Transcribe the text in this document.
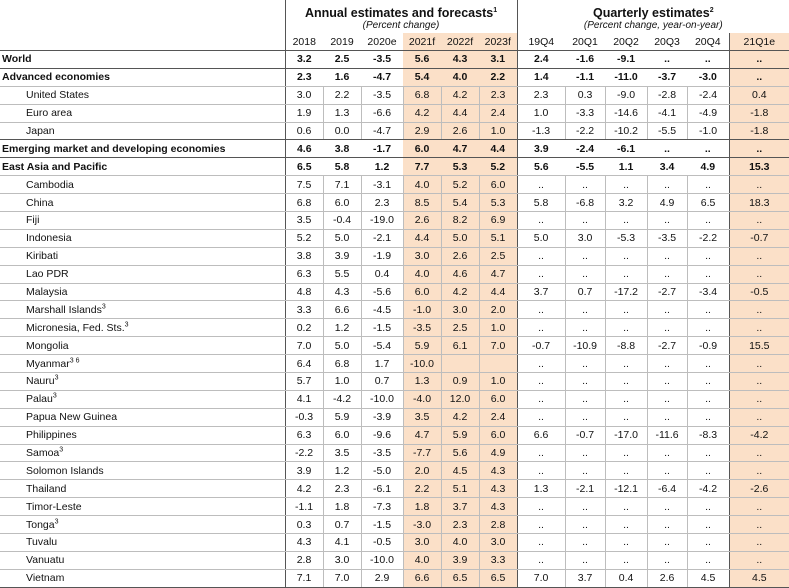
	Annual estimates and forecasts$^1$						Quarterly estimates$^2$
	(Percent change)						(Percent change, year-on-year)					
	2018	2019	2020e	2021f	2022f	2023f	19Q4	20Q1	20Q2	20Q3	20Q4	21Q1e
World	3.2	2.5	-3.5	5.6	4.3	3.1	2.4	-1.6	-9.1	..	..	..
Advanced economies	2.3	1.6	-4.7	5.4	4.0	2.2	1.4	-1.1	-11.0	-3.7	-3.0	..
United States	3.0	2.2	-3.5	6.8	4.2	2.3	2.3	0.3	-9.0	-2.8	-2.4	0.4
Euro area	1.9	1.3	-6.6	4.2	4.4	2.4	1.0	-3.3	-14.6	-4.1	-4.9	-1.8
Japan	0.6	0.0	-4.7	2.9	2.6	1.0	-1.3	-2.2	-10.2	-5.5	-1.0	-1.8
Emerging market and developing economies	4.6	3.8	-1.7	6.0	4.7	4.4	3.9	-2.4	-6.1	..	..	..
East Asia and Pacific	6.5	5.8	1.2	7.7	5.3	5.2	5.6	-5.5	1.1	3.4	4.9	15.3
Cambodia	7.5	7.1	-3.1	4.0	5.2	6.0	..	..	..	..	..	..
China	6.8	6.0	2.3	8.5	5.4	5.3	5.8	-6.8	3.2	4.9	6.5	18.3
Fiji	3.5	-0.4	-19.0	2.6	8.2	6.9	..	..	..	..	..	..
Indonesia	5.2	5.0	-2.1	4.4	5.0	5.1	5.0	3.0	-5.3	-3.5	-2.2	-0.7
Kiribati	3.8	3.9	-1.9	3.0	2.6	2.5	..	..	..	..	..	..
Lao PDR	6.3	5.5	0.4	4.0	4.6	4.7	..	..	..	..	..	..
Malaysia	4.8	4.3	-5.6	6.0	4.2	4.4	3.7	0.7	-17.2	-2.7	-3.4	-0.5
Marshall Islands$^3$	3.3	6.6	-4.5	-1.0	3.0	2.0	..	..	..	..	..	..
Micronesia, Fed. Sts.$^3$	0.2	1.2	-1.5	-3.5	2.5	1.0	..	..	..	..	..	..
Mongolia	7.0	5.0	-5.4	5.9	6.1	7.0	-0.7	-10.9	-8.8	-2.7	-0.9	15.5
Myanmar$^{3 6}$	6.4	6.8	1.7	-10.0			..	..	..	..	..	..
Nauru$^3$	5.7	1.0	0.7	1.3	0.9	1.0	..	..	..	..	..	..
Palau$^3$	4.1	-4.2	-10.0	-4.0	12.0	6.0	..	..	..	..	..	..
Papua New Guinea	-0.3	5.9	-3.9	3.5	4.2	2.4	..	..	..	..	..	..
Philippines	6.3	6.0	-9.6	4.7	5.9	6.0	6.6	-0.7	-17.0	-11.6	-8.3	-4.2
Samoa$^3$	-2.2	3.5	-3.5	-7.7	5.6	4.9	..	..	..	..	..	..
Solomon Islands	3.9	1.2	-5.0	2.0	4.5	4.3	..	..	..	..	..	..
Thailand	4.2	2.3	-6.1	2.2	5.1	4.3	1.3	-2.1	-12.1	-6.4	-4.2	-2.6
Timor-Leste	-1.1	1.8	-7.3	1.8	3.7	4.3	..	..	..	..	..	..
Tonga$^3$	0.3	0.7	-1.5	-3.0	2.3	2.8	..	..	..	..	..	..
Tuvalu	4.3	4.1	-0.5	3.0	4.0	3.0	..	..	..	..	..	..
Vanuatu	2.8	3.0	-10.0	4.0	3.9	3.3	..	..	..	..	..	..
Vietnam	7.1	7.0	2.9	6.6	6.5	6.5	7.0	3.7	0.4	2.6	4.5	4.5
